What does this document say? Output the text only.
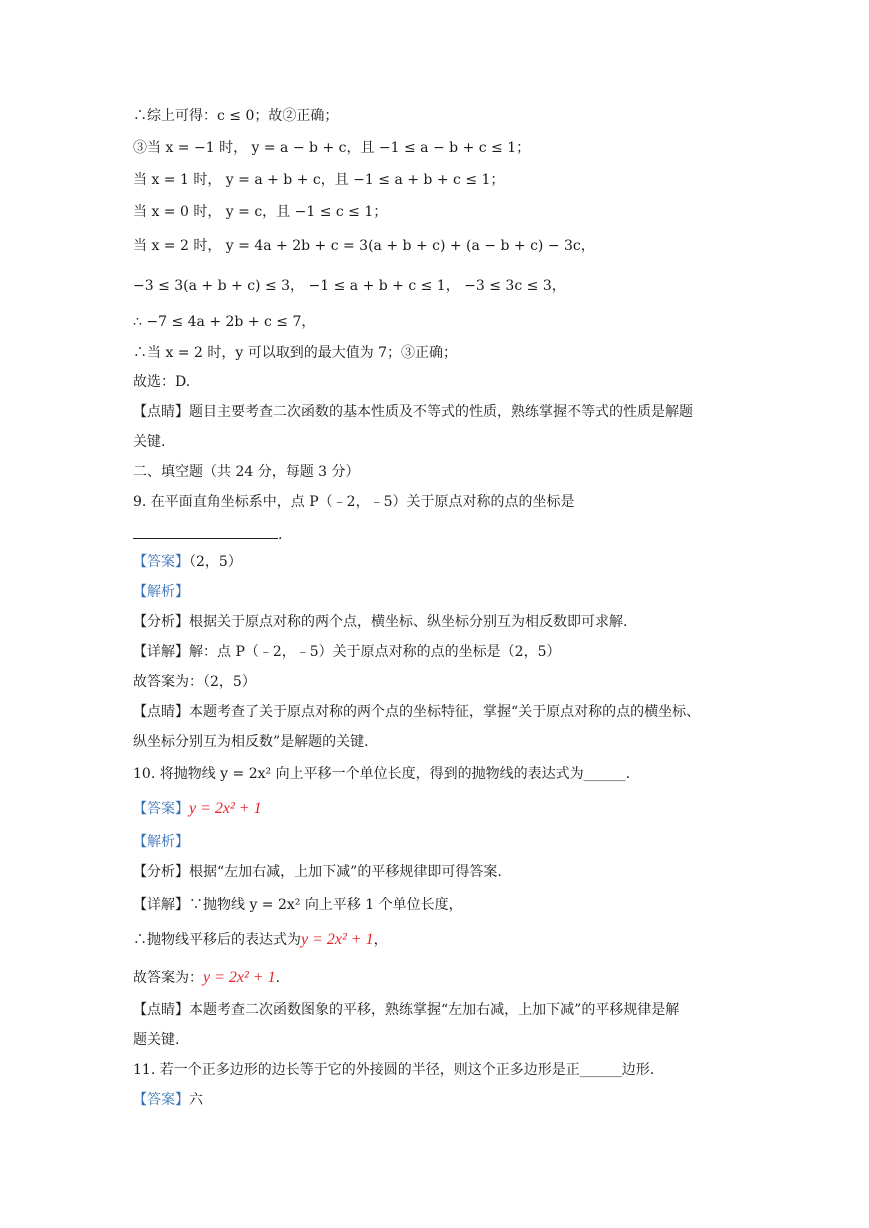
∴综上可得：c ≤ 0；故②正确；

③当 x = −1 时， y = a − b + c，且 −1 ≤ a − b + c ≤ 1；

当 x = 1 时， y = a + b + c，且 −1 ≤ a + b + c ≤ 1；

当 x = 0 时， y = c，且 −1 ≤ c ≤ 1；

当 x = 2 时， y = 4a + 2b + c = 3(a + b + c) + (a − b + c) − 3c，

−3 ≤ 3(a + b + c) ≤ 3， −1 ≤ a + b + c ≤ 1， −3 ≤ 3c ≤ 3，

∴ −7 ≤ 4a + 2b + c ≤ 7，

∴当 x = 2 时，y 可以取到的最大值为 7；③正确；

故选：D.

【点睛】题目主要考查二次函数的基本性质及不等式的性质，熟练掌握不等式的性质是解题

关键.

二、填空题（共 24 分，每题 3 分）

9. 在平面直角坐标系中，点 P（﹣2，﹣5）关于原点对称的点的坐标是

.

【答案】（2，5）

【解析】

【分析】根据关于原点对称的两个点，横坐标、纵坐标分别互为相反数即可求解.

【详解】解：点 P（﹣2，﹣5）关于原点对称的点的坐标是（2，5）

故答案为：（2，5）

【点睛】本题考查了关于原点对称的两个点的坐标特征，掌握“关于原点对称的点的横坐标、

纵坐标分别互为相反数”是解题的关键.

10. 将抛物线 y = 2x² 向上平移一个单位长度，得到的抛物线的表达式为______.

【答案】y = 2x² + 1

【解析】

【分析】根据“左加右减，上加下减”的平移规律即可得答案.

【详解】∵抛物线 y = 2x² 向上平移 1 个单位长度，

∴抛物线平移后的表达式为y = 2x² + 1，

故答案为：y = 2x² + 1.

【点睛】本题考查二次函数图象的平移，熟练掌握“左加右减，上加下减”的平移规律是解

题关键.

11. 若一个正多边形的边长等于它的外接圆的半径，则这个正多边形是正______边形.

【答案】六
